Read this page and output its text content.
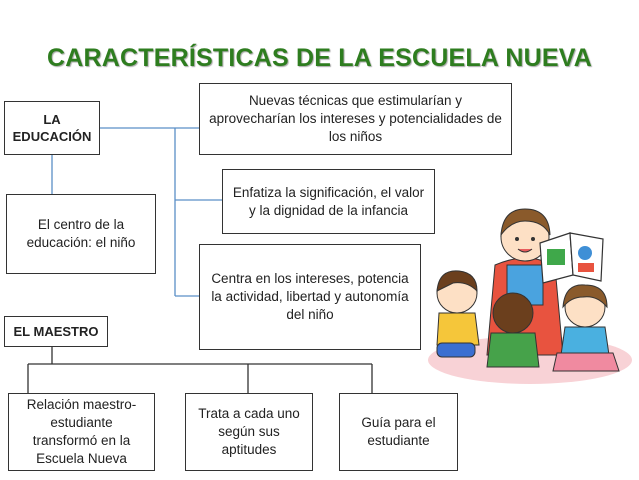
CARACTERÍSTICAS DE LA ESCUELA NUEVA
LA
EDUCACIÓN
Nuevas técnicas que estimularían y aprovecharían los intereses y potencialidades de los niños
Enfatiza la significación, el valor y la dignidad de la infancia
El centro de la educación: el niño
Centra en los intereses, potencia la actividad, libertad y autonomía del niño
EL MAESTRO
Relación maestro-estudiante transformó en la Escuela Nueva
Trata a cada uno según sus aptitudes
Guía para el estudiante
